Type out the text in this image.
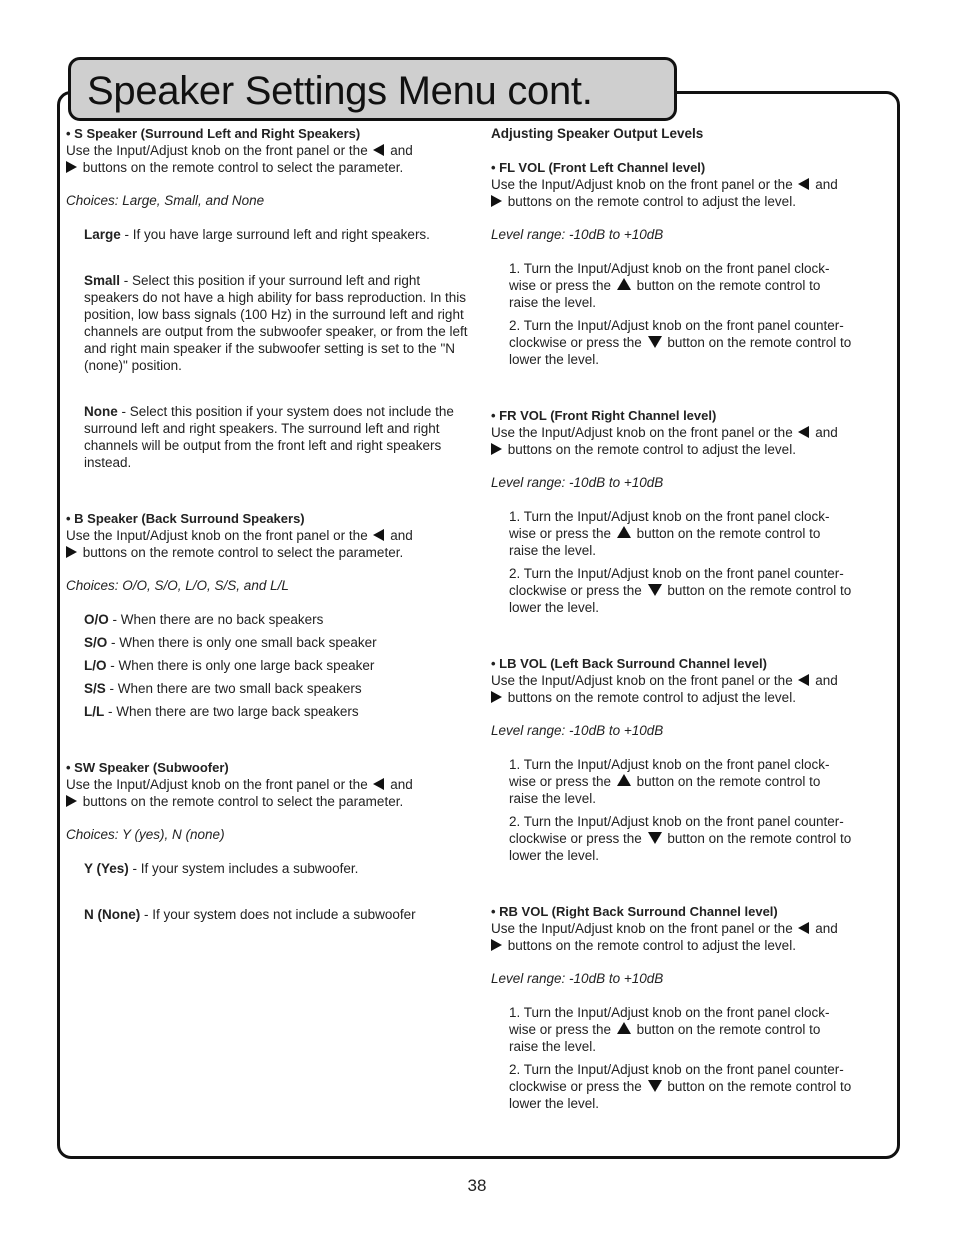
Speaker Settings Menu cont.

• S Speaker (Surround Left and Right Speakers)

Use the Input/Adjust knob on the front panel or the and
buttons on the remote control to select the parameter.

Choices: Large, Small, and None

Large - If you have large surround left and right speakers.

Small - Select this position if your surround left and right speakers do not have a high ability for bass reproduction. In this position, low bass signals (100 Hz) in the surround left and right channels are output from the subwoofer speaker, or from the left and right main speaker if the subwoofer setting is set to the "N (none)" position.

None - Select this position if your system does not include the surround left and right speakers. The surround left and right channels will be output from the front left and right speakers instead.

• B Speaker (Back Surround Speakers)

Use the Input/Adjust knob on the front panel or the and
buttons on the remote control to select the parameter.

Choices: O/O, S/O, L/O, S/S, and L/L

O/O - When there are no back speakers

S/O - When there is only one small back speaker

L/O - When there is only one large back speaker

S/S - When there are two small back speakers

L/L - When there are two large back speakers

• SW Speaker (Subwoofer)

Use the Input/Adjust knob on the front panel or the and
buttons on the remote control to select the parameter.

Choices: Y (yes), N (none)

Y (Yes) - If your system includes a subwoofer.

N (None) - If your system does not include a subwoofer

Adjusting Speaker Output Levels

• FL VOL (Front Left Channel level)

Use the Input/Adjust knob on the front panel or the and
buttons on the remote control to adjust the level.

Level range: -10dB to +10dB

1. Turn the Input/Adjust knob on the front panel clock-
wise or press the button on the remote control to
raise the level.

2. Turn the Input/Adjust knob on the front panel counter-
clockwise or press the button on the remote control to
lower the level.

• FR VOL (Front Right Channel level)

Use the Input/Adjust knob on the front panel or the and
buttons on the remote control to adjust the level.

Level range: -10dB to +10dB

1. Turn the Input/Adjust knob on the front panel clock-
wise or press the button on the remote control to
raise the level.

2. Turn the Input/Adjust knob on the front panel counter-
clockwise or press the button on the remote control to
lower the level.

• LB VOL (Left Back Surround Channel level)

Use the Input/Adjust knob on the front panel or the and
buttons on the remote control to adjust the level.

Level range: -10dB to +10dB

1. Turn the Input/Adjust knob on the front panel clock-
wise or press the button on the remote control to
raise the level.

2. Turn the Input/Adjust knob on the front panel counter-
clockwise or press the button on the remote control to
lower the level.

• RB VOL (Right Back Surround Channel level)

Use the Input/Adjust knob on the front panel or the and
buttons on the remote control to adjust the level.

Level range: -10dB to +10dB

1. Turn the Input/Adjust knob on the front panel clock-
wise or press the button on the remote control to
raise the level.

2. Turn the Input/Adjust knob on the front panel counter-
clockwise or press the button on the remote control to
lower the level.

38
